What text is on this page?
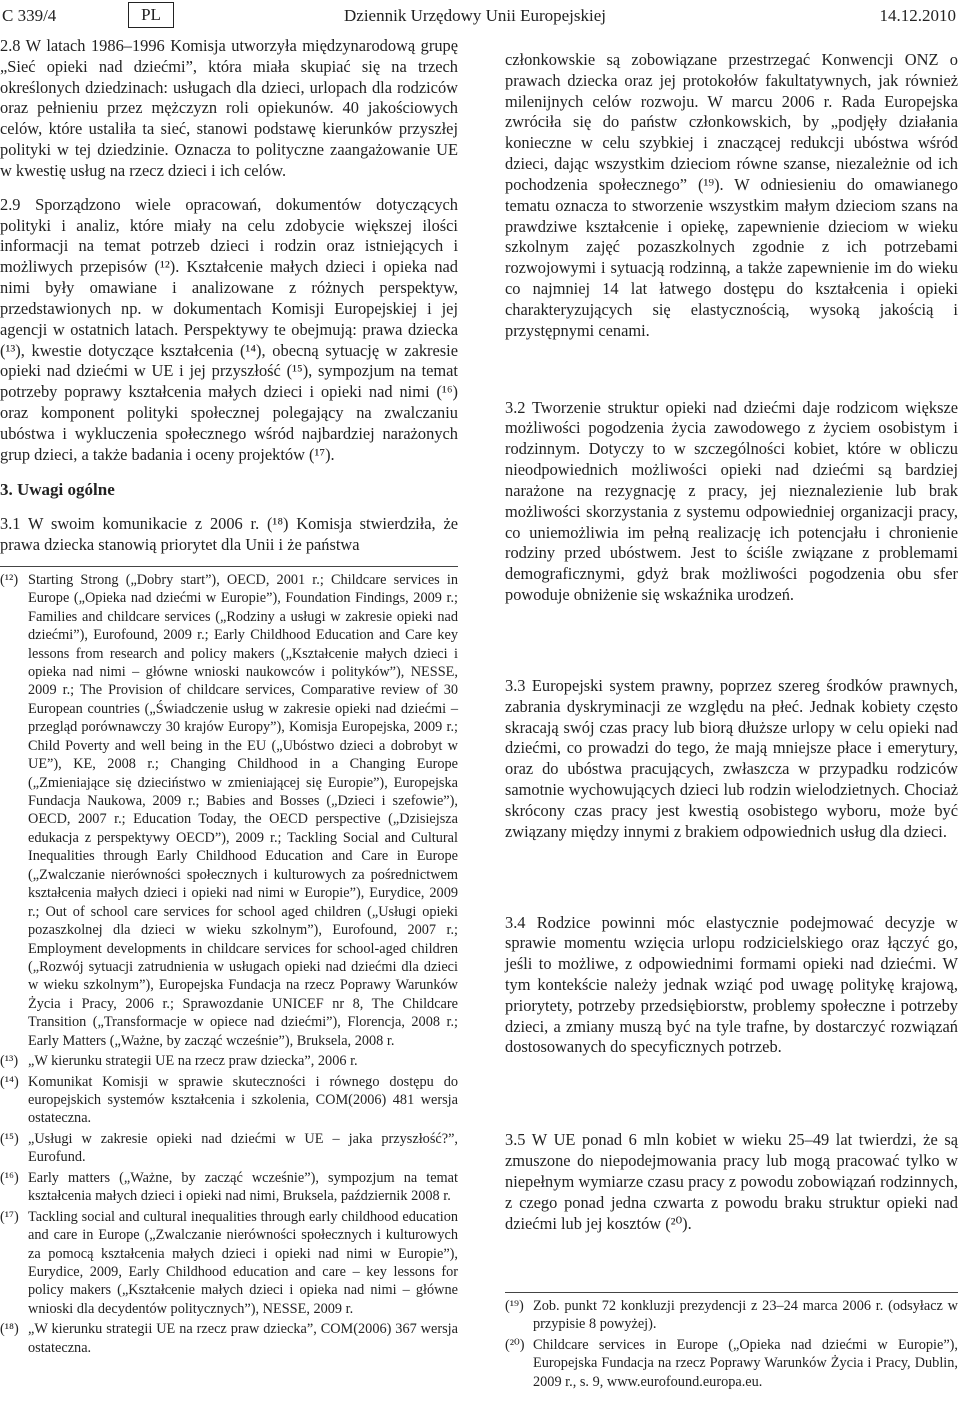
C 339/4	PL	Dziennik Urzędowy Unii Europejskiej	14.12.2010

2.8 W latach 1986–1996 Komisja utworzyła międzynarodową grupę „Sieć opieki nad dziećmi”, która miała skupiać się na trzech określonych dziedzinach: usługach dla dzieci, urlopach dla rodziców oraz pełnieniu przez mężczyzn roli opiekunów. 40 jakościowych celów, które ustaliła ta sieć, stanowi podstawę kierunków przyszłej polityki w tej dziedzinie. Oznacza to polityczne zaangażowanie UE w kwestię usług na rzecz dzieci i ich celów.

2.9 Sporządzono wiele opracowań, dokumentów dotyczących polityki i analiz, które miały na celu zdobycie większej ilości informacji na temat potrzeb dzieci i rodzin oraz istniejących i możliwych przepisów (¹²). Kształcenie małych dzieci i opieka nad nimi były omawiane i analizowane z różnych perspektyw, przedstawionych np. w dokumentach Komisji Europejskiej i jej agencji w ostatnich latach. Perspektywy te obejmują: prawa dziecka (¹³), kwestie dotyczące kształcenia (¹⁴), obecną sytuację w zakresie opieki nad dziećmi w UE i jej przyszłość (¹⁵), sympozjum na temat potrzeby poprawy kształcenia małych dzieci i opieki nad nimi (¹⁶) oraz komponent polityki społecznej polegający na zwalczaniu ubóstwa i wykluczenia społecznego wśród najbardziej narażonych grup dzieci, a także badania i oceny projektów (¹⁷).

3. Uwagi ogólne

3.1 W swoim komunikacie z 2006 r. (¹⁸) Komisja stwierdziła, że prawa dziecka stanowią priorytet dla Unii i że państwa

(¹²) Starting Strong („Dobry start”), OECD, 2001 r.; Childcare services in Europe („Opieka nad dziećmi w Europie”), Foundation Findings, 2009 r.; Families and childcare services („Rodziny a usługi w zakresie opieki nad dziećmi”), Eurofound, 2009 r.; Early Childhood Education and Care key lessons from research and policy makers („Kształcenie małych dzieci i opieka nad nimi – główne wnioski naukowców i polityków”), NESSE, 2009 r.; The Provision of childcare services, Comparative review of 30 European countries („Świadczenie usług w zakresie opieki nad dziećmi – przegląd porównawczy 30 krajów Europy”), Komisja Europejska, 2009 r.; Child Poverty and well being in the EU („Ubóstwo dzieci a dobrobyt w UE”), KE, 2008 r.; Changing Childhood in a Changing Europe („Zmieniające się dzieciństwo w zmieniającej się Europie”), Europejska Fundacja Naukowa, 2009 r.; Babies and Bosses („Dzieci i szefowie”), OECD, 2007 r.; Education Today, the OECD perspective („Dzisiejsza edukacja z perspektywy OECD”), 2009 r.; Tackling Social and Cultural Inequalities through Early Childhood Education and Care in Europe („Zwalczanie nierówności społecznych i kulturowych za pośrednictwem kształcenia małych dzieci i opieki nad nimi w Europie”), Eurydice, 2009 r.; Out of school care services for school aged children („Usługi opieki pozaszkolnej dla dzieci w wieku szkolnym”), Eurofound, 2007 r.; Employment developments in childcare services for school-aged children („Rozwój sytuacji zatrudnienia w usługach opieki nad dziećmi dla dzieci w wieku szkolnym”), Europejska Fundacja na rzecz Poprawy Warunków Życia i Pracy, 2006 r.; Sprawozdanie UNICEF nr 8, The Childcare Transition („Transformacje w opiece nad dziećmi”), Florencja, 2008 r.; Early Matters („Ważne, by zacząć wcześnie”), Bruksela, 2008 r.
(¹³) „W kierunku strategii UE na rzecz praw dziecka”, 2006 r.
(¹⁴) Komunikat Komisji w sprawie skuteczności i równego dostępu do europejskich systemów kształcenia i szkolenia, COM(2006) 481 wersja ostateczna.
(¹⁵) „Usługi w zakresie opieki nad dziećmi w UE – jaka przyszłość?”, Eurofund.
(¹⁶) Early matters („Ważne, by zacząć wcześnie”), sympozjum na temat kształcenia małych dzieci i opieki nad nimi, Bruksela, październik 2008 r.
(¹⁷) Tackling social and cultural inequalities through early childhood education and care in Europe („Zwalczanie nierówności społecznych i kulturowych za pomocą kształcenia małych dzieci i opieki nad nimi w Europie”), Eurydice, 2009, Early Childhood education and care – key lessons for policy makers („Kształcenie małych dzieci i opieka nad nimi – główne wnioski dla decydentów politycznych”), NESSE, 2009 r.
(¹⁸) „W kierunku strategii UE na rzecz praw dziecka”, COM(2006) 367 wersja ostateczna.

członkowskie są zobowiązane przestrzegać Konwencji ONZ o prawach dziecka oraz jej protokołów fakultatywnych, jak również milenijnych celów rozwoju. W marcu 2006 r. Rada Europejska zwróciła się do państw członkowskich, by „podjęły działania konieczne w celu szybkiej i znaczącej redukcji ubóstwa wśród dzieci, dając wszystkim dzieciom równe szanse, niezależnie od ich pochodzenia społecznego” (¹⁹). W odniesieniu do omawianego tematu oznacza to stworzenie wszystkim małym dzieciom szans na prawdziwe kształcenie i opiekę, zapewnienie dzieciom w wieku szkolnym zajęć pozaszkolnych zgodnie z ich potrzebami rozwojowymi i sytuacją rodzinną, a także zapewnienie im do wieku co najmniej 14 lat łatwego dostępu do kształcenia i opieki charakteryzujących się elastycznością, wysoką jakością i przystępnymi cenami.

3.2 Tworzenie struktur opieki nad dziećmi daje rodzicom większe możliwości pogodzenia życia zawodowego z życiem osobistym i rodzinnym. Dotyczy to w szczególności kobiet, które w obliczu nieodpowiednich możliwości opieki nad dziećmi są bardziej narażone na rezygnację z pracy, jej nieznalezienie lub brak możliwości skorzystania z systemu odpowiedniej organizacji pracy, co uniemożliwia im pełną realizację ich potencjału i chronienie rodziny przed ubóstwem. Jest to ściśle związane z problemami demograficznymi, gdyż brak możliwości pogodzenia obu sfer powoduje obniżenie się wskaźnika urodzeń.

3.3 Europejski system prawny, poprzez szereg środków prawnych, zabrania dyskryminacji ze względu na płeć. Jednak kobiety często skracają swój czas pracy lub biorą dłuższe urlopy w celu opieki nad dziećmi, co prowadzi do tego, że mają mniejsze płace i emerytury, oraz do ubóstwa pracujących, zwłaszcza w przypadku rodziców samotnie wychowujących dzieci lub rodzin wielodzietnych. Chociaż skrócony czas pracy jest kwestią osobistego wyboru, może być związany między innymi z brakiem odpowiednich usług dla dzieci.

3.4 Rodzice powinni móc elastycznie podejmować decyzje w sprawie momentu wzięcia urlopu rodzicielskiego oraz łączyć go, jeśli to możliwe, z odpowiednimi formami opieki nad dziećmi. W tym kontekście należy jednak wziąć pod uwagę politykę krajową, priorytety, potrzeby przedsiębiorstw, problemy społeczne i potrzeby dzieci, a zmiany muszą być na tyle trafne, by dostarczyć rozwiązań dostosowanych do specyficznych potrzeb.

3.5 W UE ponad 6 mln kobiet w wieku 25–49 lat twierdzi, że są zmuszone do niepodejmowania pracy lub mogą pracować tylko w niepełnym wymiarze czasu pracy z powodu zobowiązań rodzinnych, z czego ponad jedna czwarta z powodu braku struktur opieki nad dziećmi lub jej kosztów (²⁰).

(¹⁹) Zob. punkt 72 konkluzji prezydencji z 23–24 marca 2006 r. (odsyłacz w przypisie 8 powyżej).
(²⁰) Childcare services in Europe („Opieka nad dziećmi w Europie”), Europejska Fundacja na rzecz Poprawy Warunków Życia i Pracy, Dublin, 2009 r., s. 9, www.eurofound.europa.eu.
